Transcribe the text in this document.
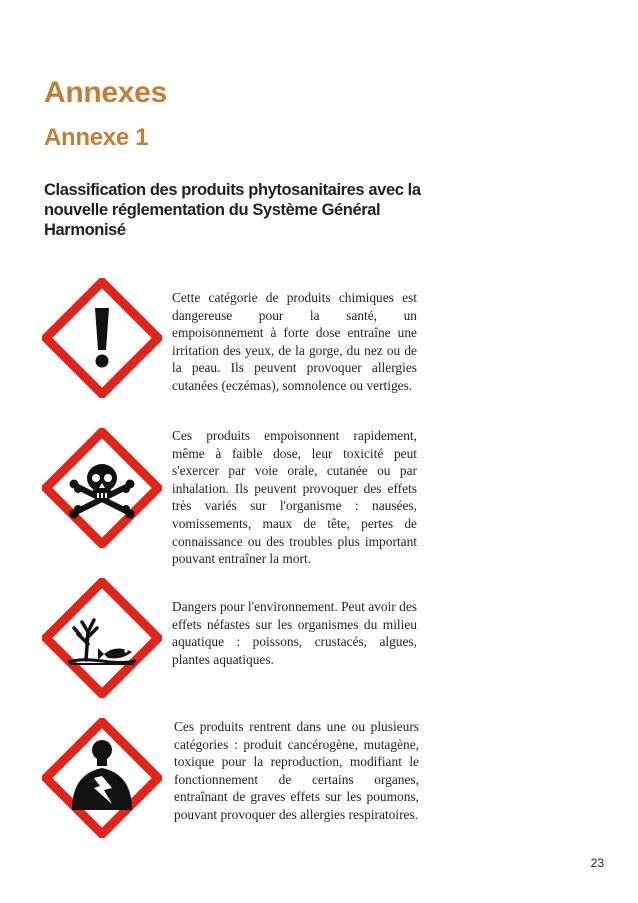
Annexes
Annexe 1
Classification des produits phytosanitaires avec la nouvelle réglementation du Système Général Harmonisé

Cette catégorie de produits chimiques est dangereuse pour la santé, un empoisonnement à forte dose entraîne une irritation des yeux, de la gorge, du nez ou de la peau. Ils peuvent provoquer allergies cutanées (eczémas), somnolence ou vertiges.

Ces produits empoisonnent rapidement, même à faible dose, leur toxicité peut s'exercer par voie orale, cutanée ou par inhalation. Ils peuvent provoquer des effets très variés sur l'organisme : nausées, vomissements, maux de tête, pertes de connaissance ou des troubles plus important pouvant entraîner la mort.

Dangers pour l'environnement. Peut avoir des effets néfastes sur les organismes du milieu aquatique : poissons, crustacés, algues, plantes aquatiques.

Ces produits rentrent dans une ou plusieurs catégories : produit cancérogène, mutagène, toxique pour la reproduction, modifiant le fonctionnement de certains organes, entraînant de graves effets sur les poumons, pouvant provoquer des allergies respiratoires.

23
